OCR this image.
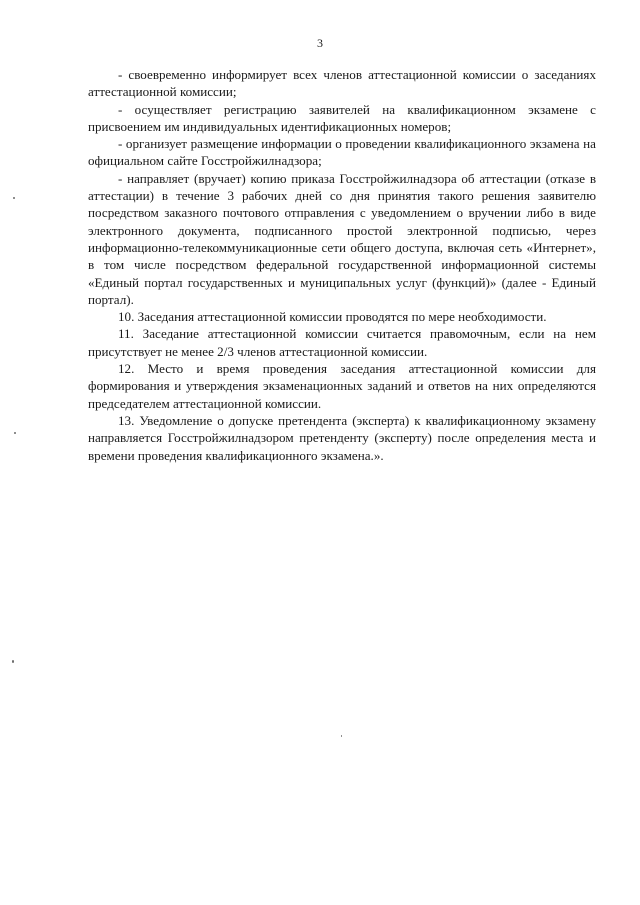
3

- своевременно информирует всех членов аттестационной комиссии о заседаниях аттестационной комиссии;

- осуществляет регистрацию заявителей на квалификационном экзамене с присвоением им индивидуальных идентификационных номеров;

- организует размещение информации о проведении квалификационного экзамена на официальном сайте Госстройжилнадзора;

- направляет (вручает) копию приказа Госстройжилнадзора об аттестации (отказе в аттестации) в течение 3 рабочих дней со дня принятия такого решения заявителю посредством заказного почтового отправления с уведомлением о вручении либо в виде электронного документа, подписанного простой электронной подписью, через информационно-телекоммуникационные сети общего доступа, включая сеть «Интернет», в том числе посредством федеральной государственной информационной системы «Единый портал государственных и муниципальных услуг (функций)» (далее - Единый портал).

10. Заседания аттестационной комиссии проводятся по мере необходимости.

11. Заседание аттестационной комиссии считается правомочным, если на нем присутствует не менее 2/3 членов аттестационной комиссии.

12. Место и время проведения заседания аттестационной комиссии для формирования и утверждения экзаменационных заданий и ответов на них определяются председателем аттестационной комиссии.

13. Уведомление о допуске претендента (эксперта) к квалификационному экзамену направляется Госстройжилнадзором претенденту (эксперту) после определения места и времени проведения квалификационного экзамена.».
